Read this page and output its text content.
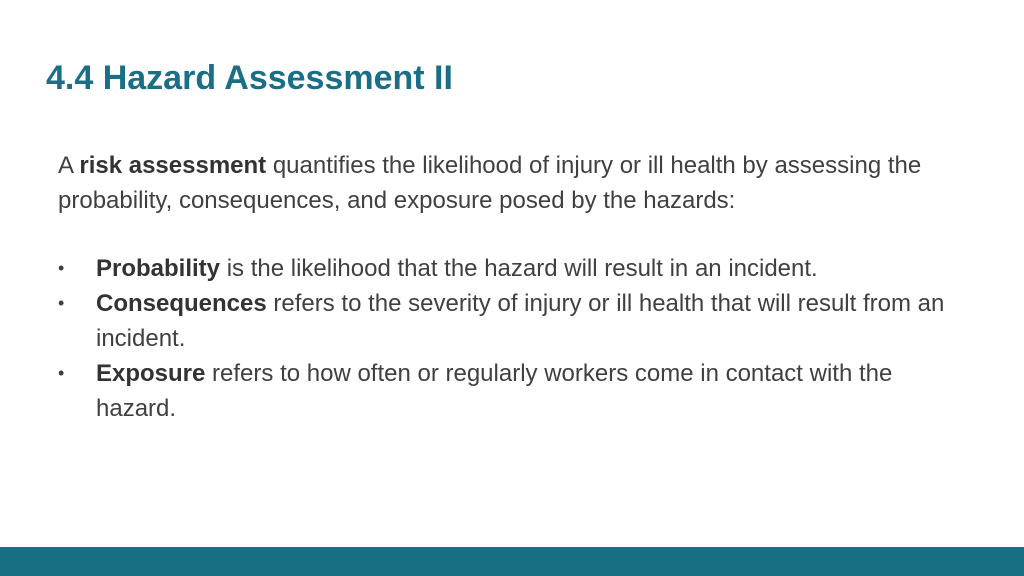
4.4 Hazard Assessment II

A risk assessment quantifies the likelihood of injury or ill health by assessing the probability, consequences, and exposure posed by the hazards:

• Probability is the likelihood that the hazard will result in an incident.
• Consequences refers to the severity of injury or ill health that will result from an incident.
• Exposure refers to how often or regularly workers come in contact with the hazard.
